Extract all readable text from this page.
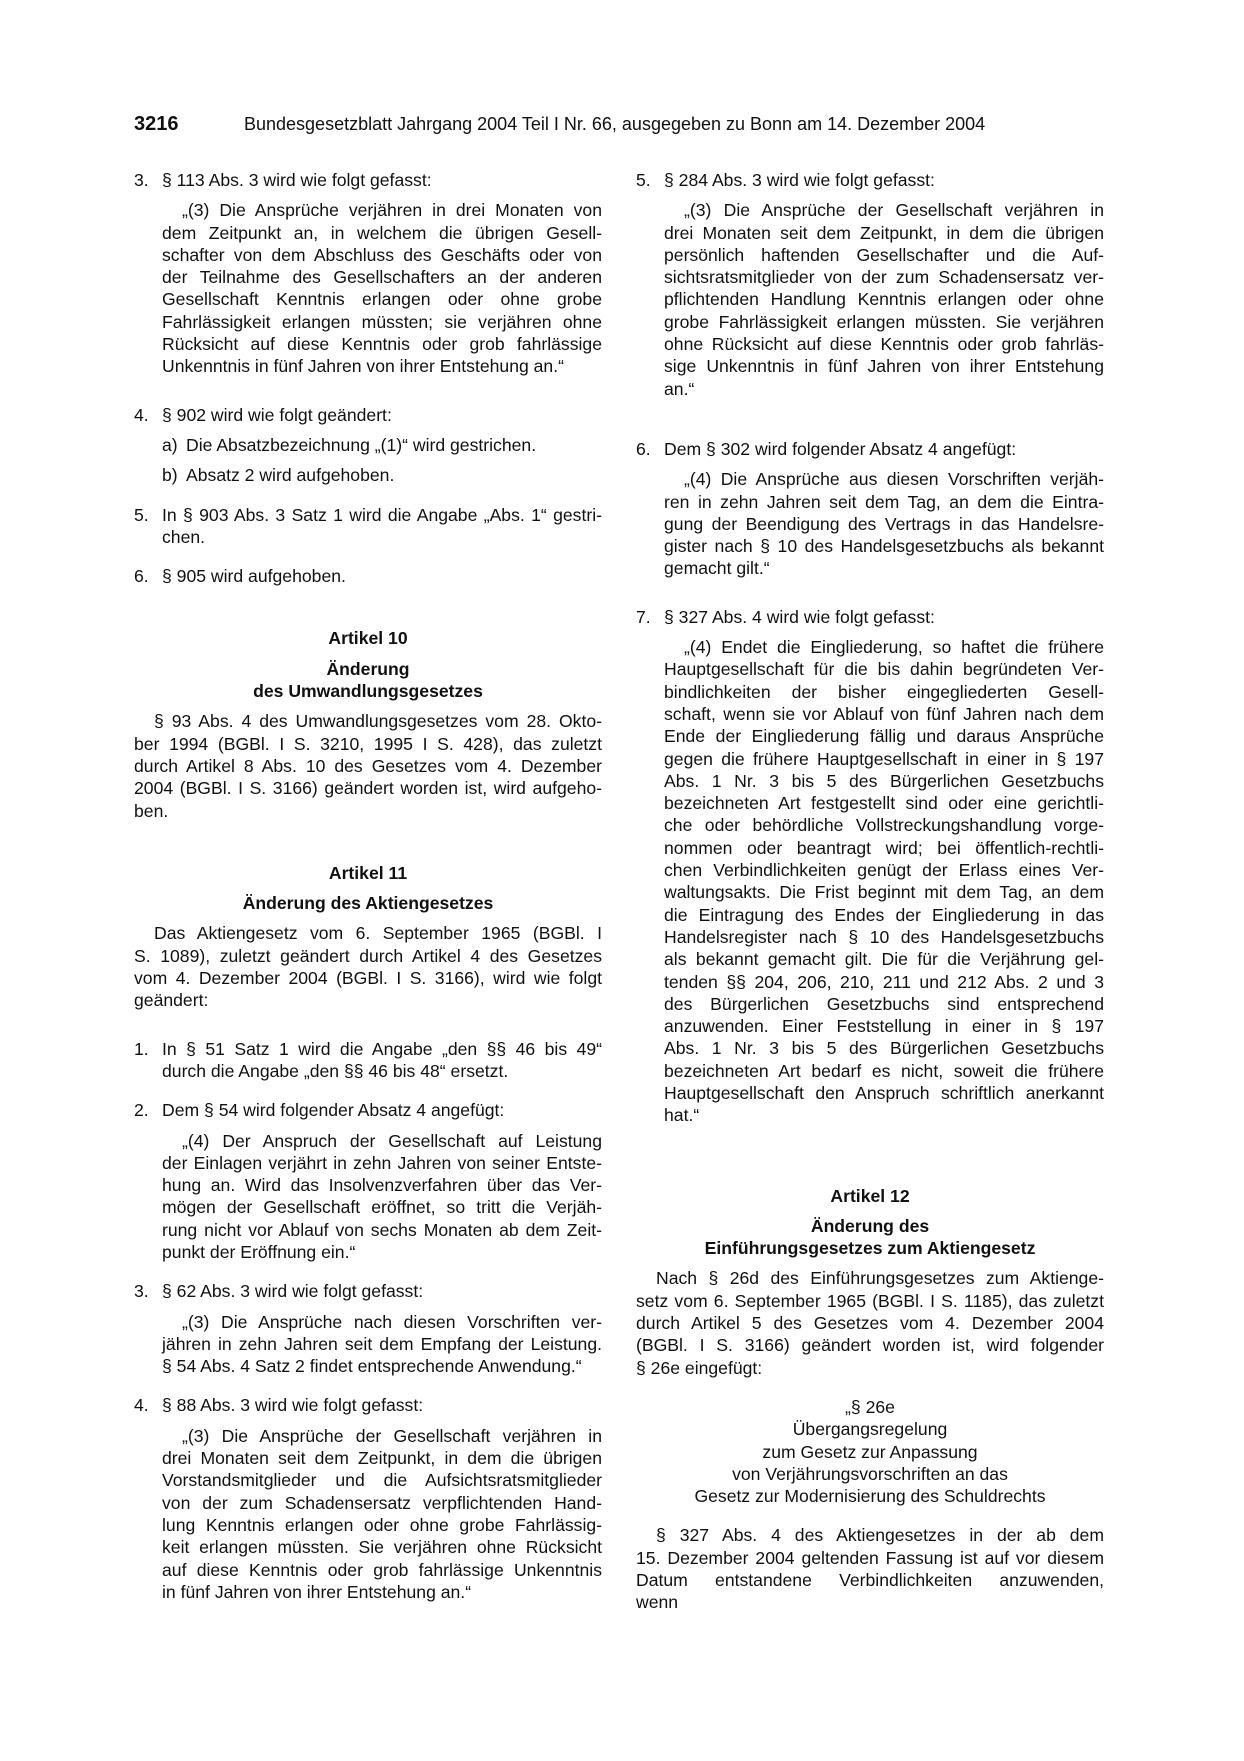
3216	Bundesgesetzblatt Jahrgang 2004 Teil I Nr. 66, ausgegeben zu Bonn am 14. Dezember 2004
3. § 113 Abs. 3 wird wie folgt gefasst:
„(3) Die Ansprüche verjähren in drei Monaten von
dem Zeitpunkt an, in welchem die übrigen Gesell-
schafter von dem Abschluss des Geschäfts oder von
der Teilnahme des Gesellschafters an der anderen
Gesellschaft Kenntnis erlangen oder ohne grobe
Fahrlässigkeit erlangen müssten; sie verjähren ohne
Rücksicht auf diese Kenntnis oder grob fahrlässige
Unkenntnis in fünf Jahren von ihrer Entstehung an.“
4. § 902 wird wie folgt geändert:
a) Die Absatzbezeichnung „(1)“ wird gestrichen.
b) Absatz 2 wird aufgehoben.
5. In § 903 Abs. 3 Satz 1 wird die Angabe „Abs. 1“ gestri-
chen.
6. § 905 wird aufgehoben.
Artikel 10
Änderung
des Umwandlungsgesetzes
§ 93 Abs. 4 des Umwandlungsgesetzes vom 28. Okto-
ber 1994 (BGBl. I S. 3210, 1995 I S. 428), das zuletzt
durch Artikel 8 Abs. 10 des Gesetzes vom 4. Dezember
2004 (BGBl. I S. 3166) geändert worden ist, wird aufgeho-
ben.
Artikel 11
Änderung des Aktiengesetzes
Das Aktiengesetz vom 6. September 1965 (BGBl. I
S. 1089), zuletzt geändert durch Artikel 4 des Gesetzes
vom 4. Dezember 2004 (BGBl. I S. 3166), wird wie folgt
geändert:
1. In § 51 Satz 1 wird die Angabe „den §§ 46 bis 49“
durch die Angabe „den §§ 46 bis 48“ ersetzt.
2. Dem § 54 wird folgender Absatz 4 angefügt:
„(4) Der Anspruch der Gesellschaft auf Leistung
der Einlagen verjährt in zehn Jahren von seiner Entste-
hung an. Wird das Insolvenzverfahren über das Ver-
mögen der Gesellschaft eröffnet, so tritt die Verjäh-
rung nicht vor Ablauf von sechs Monaten ab dem Zeit-
punkt der Eröffnung ein.“
3. § 62 Abs. 3 wird wie folgt gefasst:
„(3) Die Ansprüche nach diesen Vorschriften ver-
jähren in zehn Jahren seit dem Empfang der Leistung.
§ 54 Abs. 4 Satz 2 findet entsprechende Anwendung.“
4. § 88 Abs. 3 wird wie folgt gefasst:
„(3) Die Ansprüche der Gesellschaft verjähren in
drei Monaten seit dem Zeitpunkt, in dem die übrigen
Vorstandsmitglieder und die Aufsichtsratsmitglieder
von der zum Schadensersatz verpflichtenden Hand-
lung Kenntnis erlangen oder ohne grobe Fahrlässig-
keit erlangen müssten. Sie verjähren ohne Rücksicht
auf diese Kenntnis oder grob fahrlässige Unkenntnis
in fünf Jahren von ihrer Entstehung an.“
5. § 284 Abs. 3 wird wie folgt gefasst:
„(3) Die Ansprüche der Gesellschaft verjähren in
drei Monaten seit dem Zeitpunkt, in dem die übrigen
persönlich haftenden Gesellschafter und die Auf-
sichtsratsmitglieder von der zum Schadensersatz ver-
pflichtenden Handlung Kenntnis erlangen oder ohne
grobe Fahrlässigkeit erlangen müssten. Sie verjähren
ohne Rücksicht auf diese Kenntnis oder grob fahrläs-
sige Unkenntnis in fünf Jahren von ihrer Entstehung
an.“
6. Dem § 302 wird folgender Absatz 4 angefügt:
„(4) Die Ansprüche aus diesen Vorschriften verjäh-
ren in zehn Jahren seit dem Tag, an dem die Eintra-
gung der Beendigung des Vertrags in das Handelsre-
gister nach § 10 des Handelsgesetzbuchs als bekannt
gemacht gilt.“
7. § 327 Abs. 4 wird wie folgt gefasst:
„(4) Endet die Eingliederung, so haftet die frühere
Hauptgesellschaft für die bis dahin begründeten Ver-
bindlichkeiten der bisher eingegliederten Gesell-
schaft, wenn sie vor Ablauf von fünf Jahren nach dem
Ende der Eingliederung fällig und daraus Ansprüche
gegen die frühere Hauptgesellschaft in einer in § 197
Abs. 1 Nr. 3 bis 5 des Bürgerlichen Gesetzbuchs
bezeichneten Art festgestellt sind oder eine gerichtli-
che oder behördliche Vollstreckungshandlung vorge-
nommen oder beantragt wird; bei öffentlich-rechtli-
chen Verbindlichkeiten genügt der Erlass eines Ver-
waltungsakts. Die Frist beginnt mit dem Tag, an dem
die Eintragung des Endes der Eingliederung in das
Handelsregister nach § 10 des Handelsgesetzbuchs
als bekannt gemacht gilt. Die für die Verjährung gel-
tenden §§ 204, 206, 210, 211 und 212 Abs. 2 und 3
des Bürgerlichen Gesetzbuchs sind entsprechend
anzuwenden. Einer Feststellung in einer in § 197
Abs. 1 Nr. 3 bis 5 des Bürgerlichen Gesetzbuchs
bezeichneten Art bedarf es nicht, soweit die frühere
Hauptgesellschaft den Anspruch schriftlich anerkannt
hat.“
Artikel 12
Änderung des
Einführungsgesetzes zum Aktiengesetz
Nach § 26d des Einführungsgesetzes zum Aktienge-
setz vom 6. September 1965 (BGBl. I S. 1185), das zuletzt
durch Artikel 5 des Gesetzes vom 4. Dezember 2004
(BGBl. I S. 3166) geändert worden ist, wird folgender
§ 26e eingefügt:
„§ 26e
Übergangsregelung
zum Gesetz zur Anpassung
von Verjährungsvorschriften an das
Gesetz zur Modernisierung des Schuldrechts
§ 327 Abs. 4 des Aktiengesetzes in der ab dem
15. Dezember 2004 geltenden Fassung ist auf vor diesem
Datum entstandene Verbindlichkeiten anzuwenden,
wenn
